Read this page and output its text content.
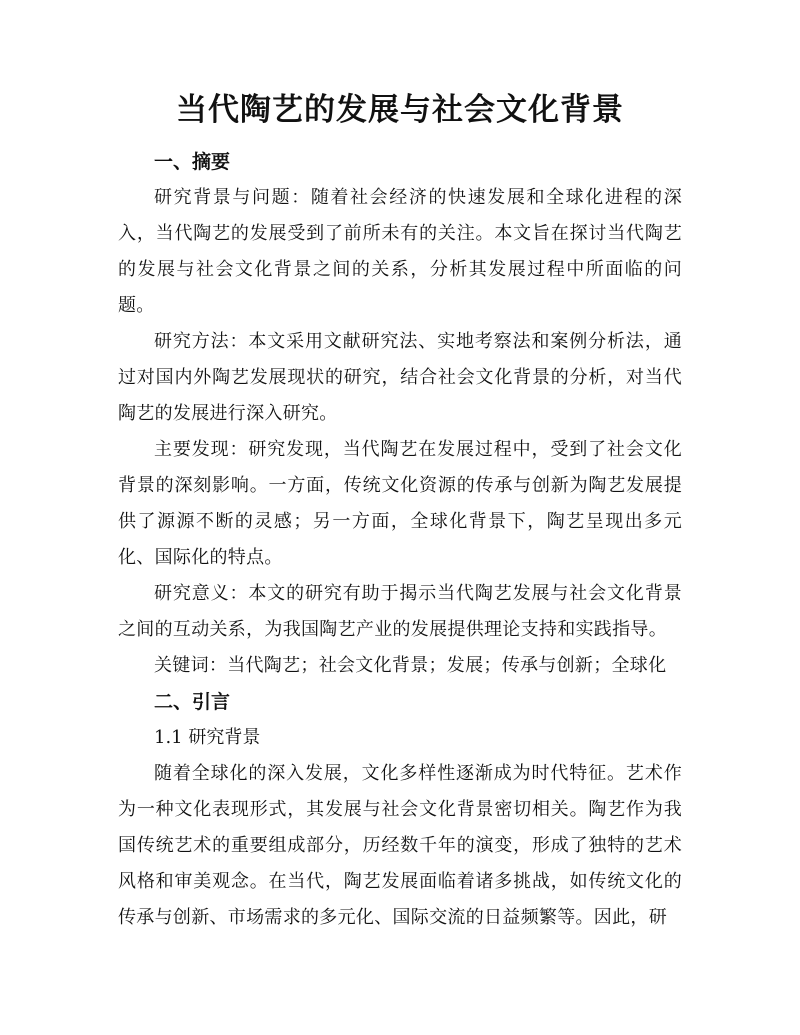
当代陶艺的发展与社会文化背景
一、摘要

研究背景与问题：随着社会经济的快速发展和全球化进程的深入，当代陶艺的发展受到了前所未有的关注。本文旨在探讨当代陶艺的发展与社会文化背景之间的关系，分析其发展过程中所面临的问题。

研究方法：本文采用文献研究法、实地考察法和案例分析法，通过对国内外陶艺发展现状的研究，结合社会文化背景的分析，对当代陶艺的发展进行深入研究。

主要发现：研究发现，当代陶艺在发展过程中，受到了社会文化背景的深刻影响。一方面，传统文化资源的传承与创新为陶艺发展提供了源源不断的灵感；另一方面，全球化背景下，陶艺呈现出多元化、国际化的特点。

研究意义：本文的研究有助于揭示当代陶艺发展与社会文化背景之间的互动关系，为我国陶艺产业的发展提供理论支持和实践指导。

关键词：当代陶艺；社会文化背景；发展；传承与创新；全球化

二、引言

1.1 研究背景

随着全球化的深入发展，文化多样性逐渐成为时代特征。艺术作为一种文化表现形式，其发展与社会文化背景密切相关。陶艺作为我国传统艺术的重要组成部分，历经数千年的演变，形成了独特的艺术风格和审美观念。在当代，陶艺发展面临着诸多挑战，如传统文化的传承与创新、市场需求的多元化、国际交流的日益频繁等。因此，研
